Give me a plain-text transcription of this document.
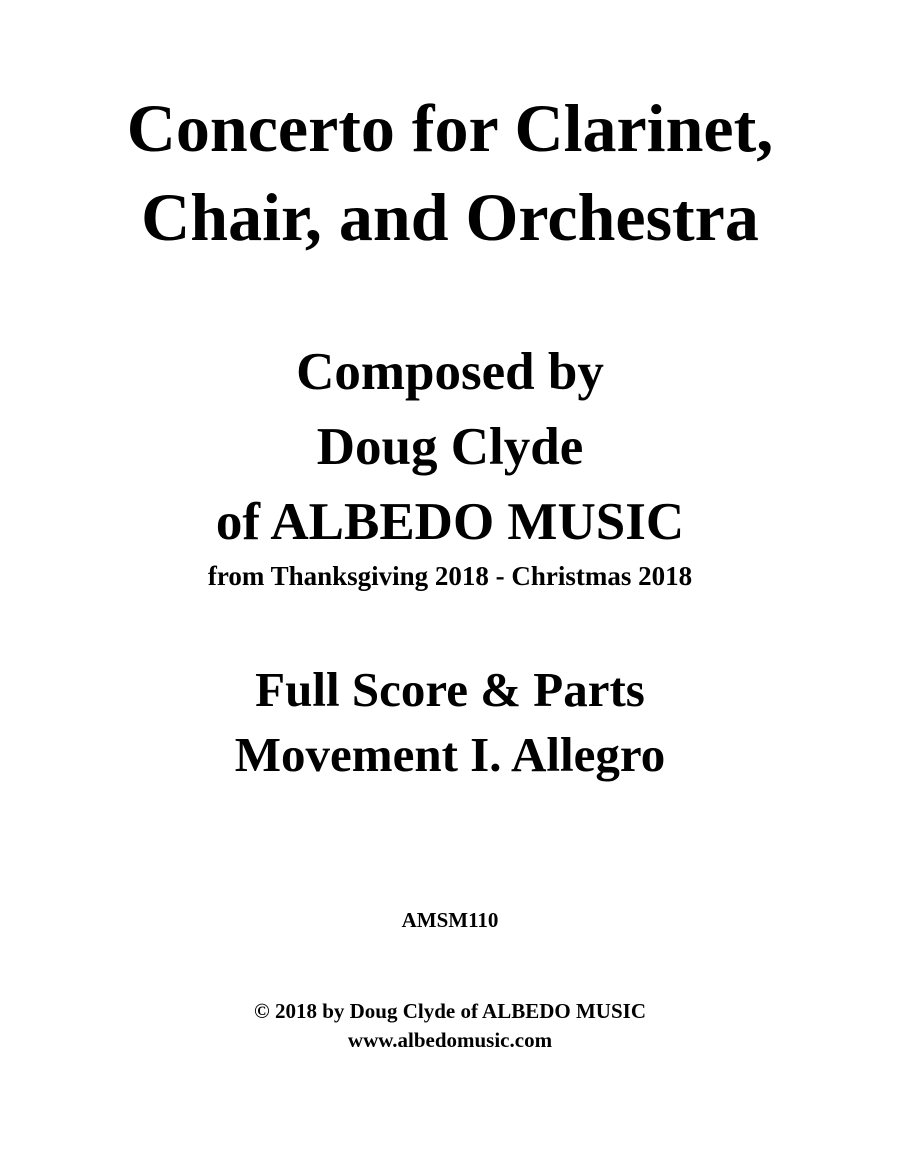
Concerto for Clarinet,
Chair, and Orchestra
Composed by
Doug Clyde
of ALBEDO MUSIC
from Thanksgiving 2018 - Christmas 2018
Full Score & Parts
Movement I. Allegro
AMSM110
© 2018 by Doug Clyde of ALBEDO MUSIC
www.albedomusic.com
